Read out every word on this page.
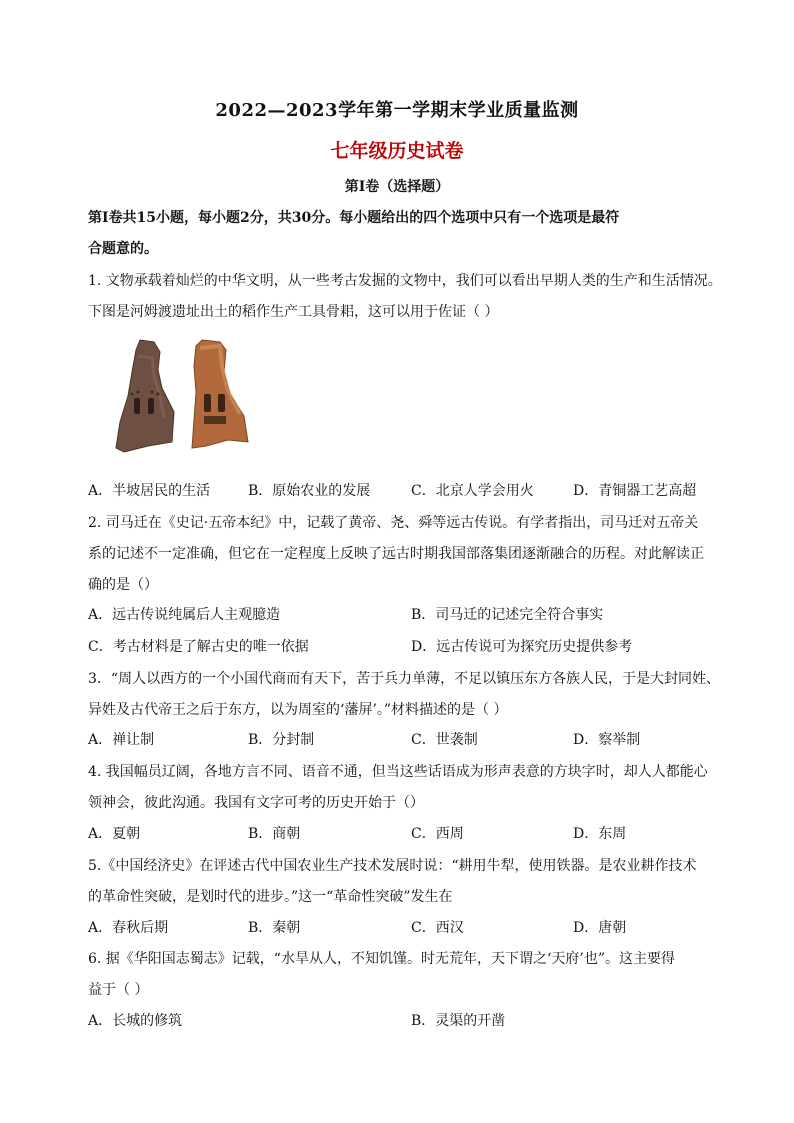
2022—2023学年第一学期末学业质量监测
七年级历史试卷
第Ⅰ卷（选择题）
第Ⅰ卷共15小题，每小题2分，共30分。每小题给出的四个选项中只有一个选项是最符
合题意的。
1. 文物承载着灿烂的中华文明，从一些考古发掘的文物中，我们可以看出早期人类的生产和生活情况。
下图是河姆渡遗址出土的稻作生产工具骨耜，这可以用于佐证（ ）
A．半坡居民的生活	B．原始农业的发展	C．北京人学会用火	D．青铜器工艺高超
2. 司马迁在《史记·五帝本纪》中，记载了黄帝、尧、舜等远古传说。有学者指出，司马迁对五帝关
系的记述不一定准确，但它在一定程度上反映了远古时期我国部落集团逐渐融合的历程。对此解读正
确的是（）
A．远古传说纯属后人主观臆造	B．司马迁的记述完全符合事实
C．考古材料是了解古史的唯一依据	D．远古传说可为探究历史提供参考
3．“周人以西方的一个小国代商而有天下，苦于兵力单薄，不足以镇压东方各族人民，于是大封同姓、
异姓及古代帝王之后于东方，以为周室的‘藩屏’。”材料描述的是（ ）
A．禅让制	B．分封制	C．世袭制	D．察举制
4. 我国幅员辽阔，各地方言不同、语音不通，但当这些话语成为形声表意的方块字时，却人人都能心
领神会，彼此沟通。我国有文字可考的历史开始于（）
A．夏朝	B．商朝	C．西周	D．东周
5.《中国经济史》在评述古代中国农业生产技术发展时说：“耕用牛犁，使用铁器。是农业耕作技术
的革命性突破，是划时代的进步。”这一“革命性突破”发生在
A．春秋后期	B．秦朝	C．西汉	D．唐朝
6. 据《华阳国志蜀志》记载，“水旱从人，不知饥馑。时无荒年，天下谓之‘天府’也”。这主要得
益于（ ）
A．长城的修筑	B．灵渠的开凿
